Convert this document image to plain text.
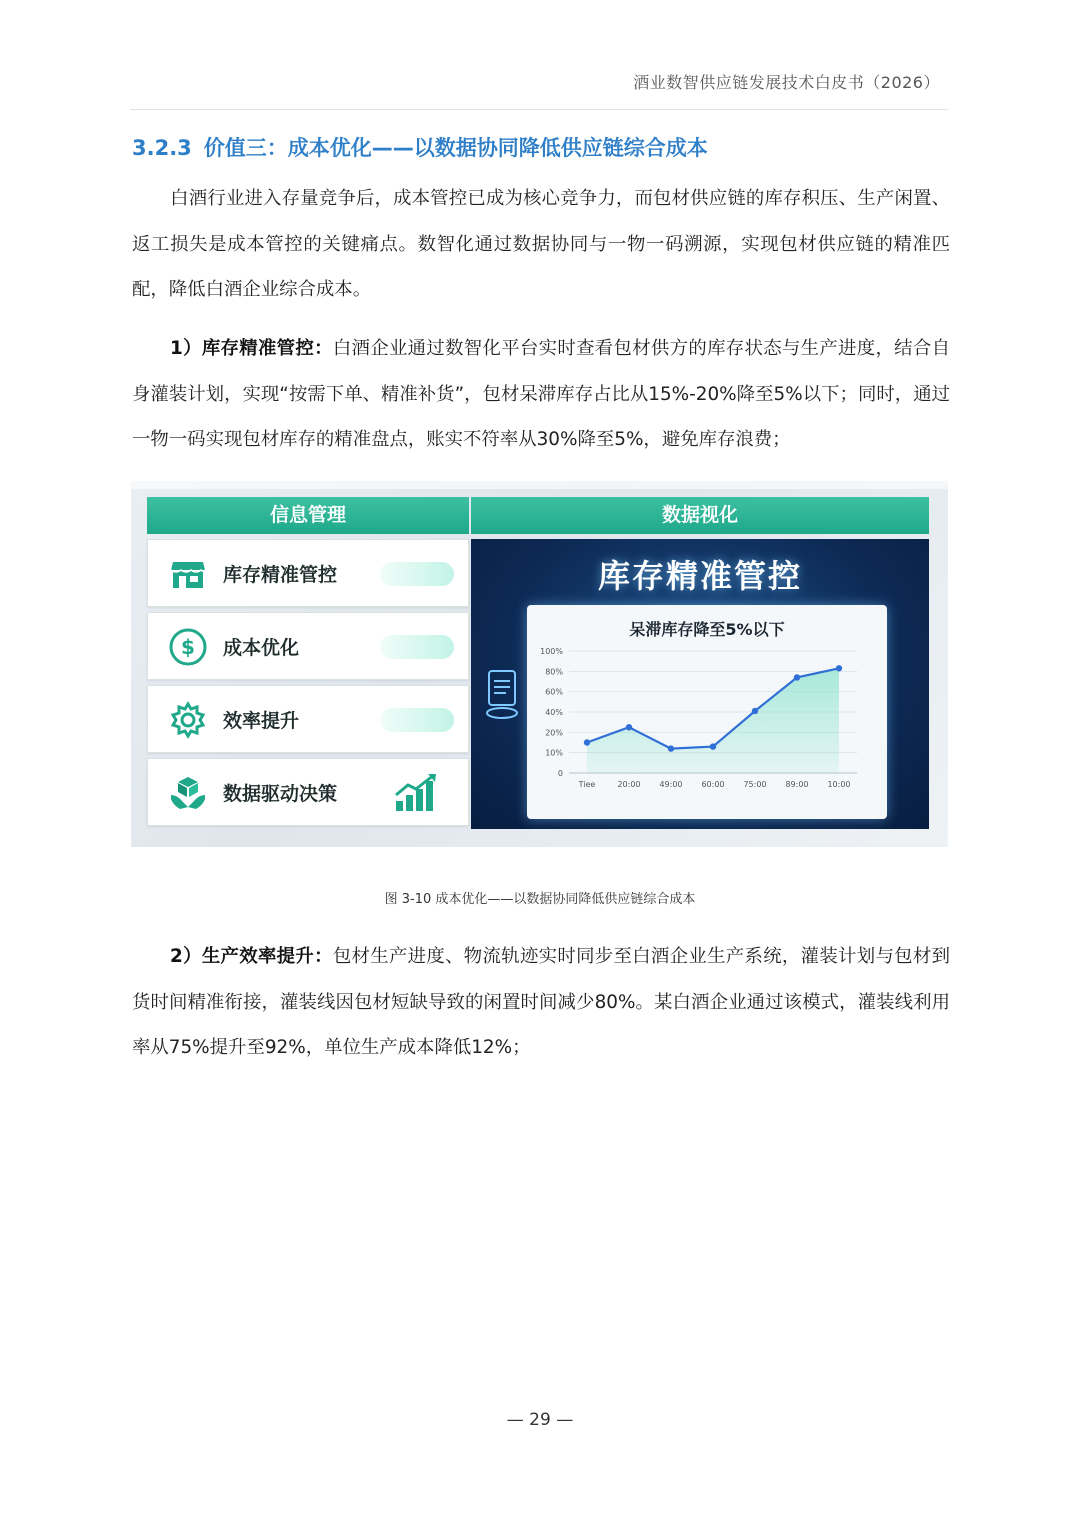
酒业数智供应链发展技术白皮书（2026）
3.2.3 价值三：成本优化——以数据协同降低供应链综合成本
白酒行业进入存量竞争后，成本管控已成为核心竞争力，而包材供应链的库存积压、生产闲置、返工损失是成本管控的关键痛点。数智化通过数据协同与一物一码溯源，实现包材供应链的精准匹配，降低白酒企业综合成本。
1）库存精准管控：白酒企业通过数智化平台实时查看包材供方的库存状态与生产进度，结合自身灌装计划，实现“按需下单、精准补货”，包材呆滞库存占比从15%-20%降至5%以下；同时，通过一物一码实现包材库存的精准盘点，账实不符率从30%降至5%，避免库存浪费；
信息管理	数据视化
库存精准管控
$ 成本优化
效率提升
数据驱动决策
库存精准管控
呆滞库存降至5%以下
0
10%
20%
40%
60%
80%
100%
Tiee	20:00 49:00 60:00 75:00 89:00 10:00
图 3-10 成本优化——以数据协同降低供应链综合成本
2）生产效率提升：包材生产进度、物流轨迹实时同步至白酒企业生产系统，灌装计划与包材到货时间精准衔接，灌装线因包材短缺导致的闲置时间减少80%。某白酒企业通过该模式，灌装线利用率从75%提升至92%，单位生产成本降低12%；
— 29 —
